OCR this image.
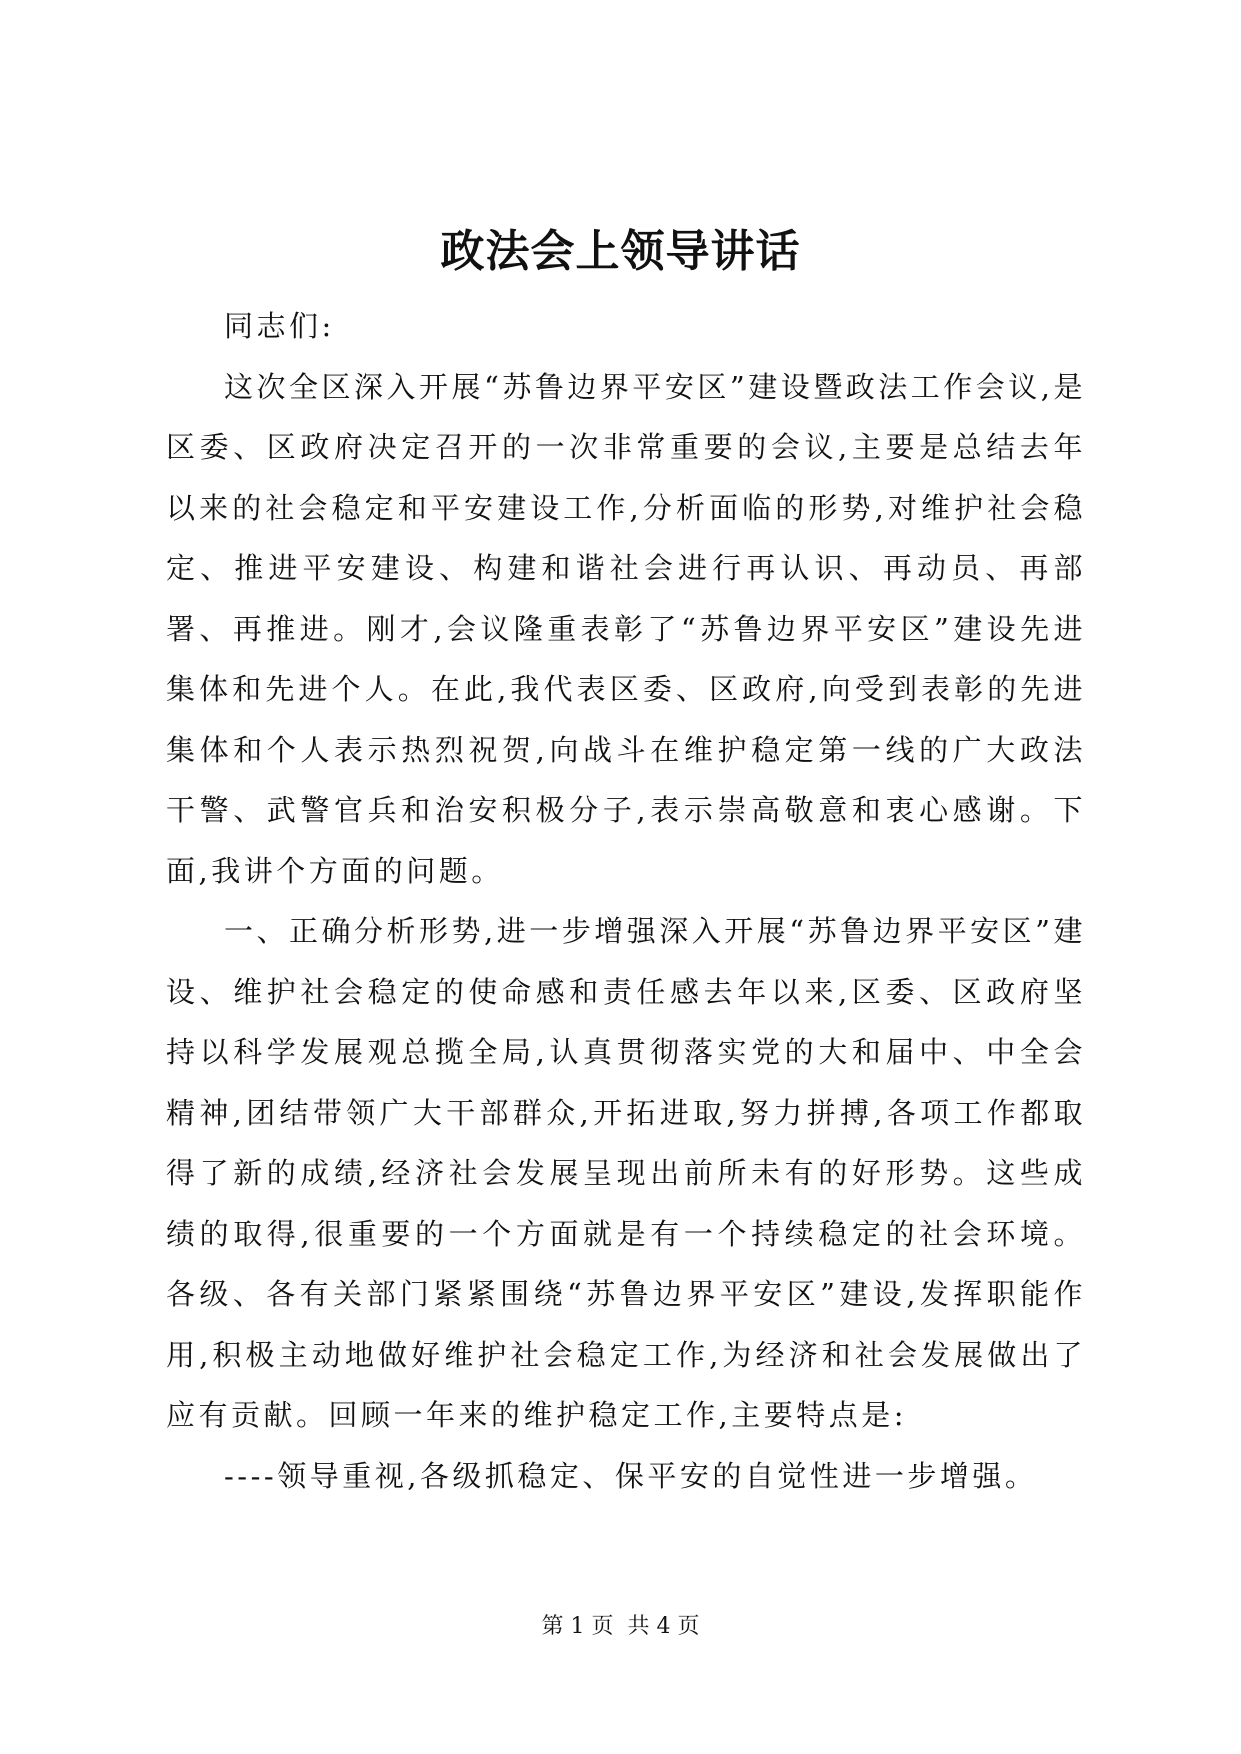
政法会上领导讲话

同志们:

这次全区深入开展“苏鲁边界平安区”建设暨政法工作会议,是区委、区政府决定召开的一次非常重要的会议,主要是总结去年以来的社会稳定和平安建设工作,分析面临的形势,对维护社会稳定、推进平安建设、构建和谐社会进行再认识、再动员、再部署、再推进。刚才,会议隆重表彰了“苏鲁边界平安区”建设先进集体和先进个人。在此,我代表区委、区政府,向受到表彰的先进集体和个人表示热烈祝贺,向战斗在维护稳定第一线的广大政法干警、武警官兵和治安积极分子,表示崇高敬意和衷心感谢。下面,我讲个方面的问题。

一、正确分析形势,进一步增强深入开展“苏鲁边界平安区”建设、维护社会稳定的使命感和责任感去年以来,区委、区政府坚持以科学发展观总揽全局,认真贯彻落实党的大和届中、中全会精神,团结带领广大干部群众,开拓进取,努力拼搏,各项工作都取得了新的成绩,经济社会发展呈现出前所未有的好形势。这些成绩的取得,很重要的一个方面就是有一个持续稳定的社会环境。各级、各有关部门紧紧围绕“苏鲁边界平安区”建设,发挥职能作用,积极主动地做好维护社会稳定工作,为经济和社会发展做出了应有贡献。回顾一年来的维护稳定工作,主要特点是:

----领导重视,各级抓稳定、保平安的自觉性进一步增强。

第 1 页  共 4 页
